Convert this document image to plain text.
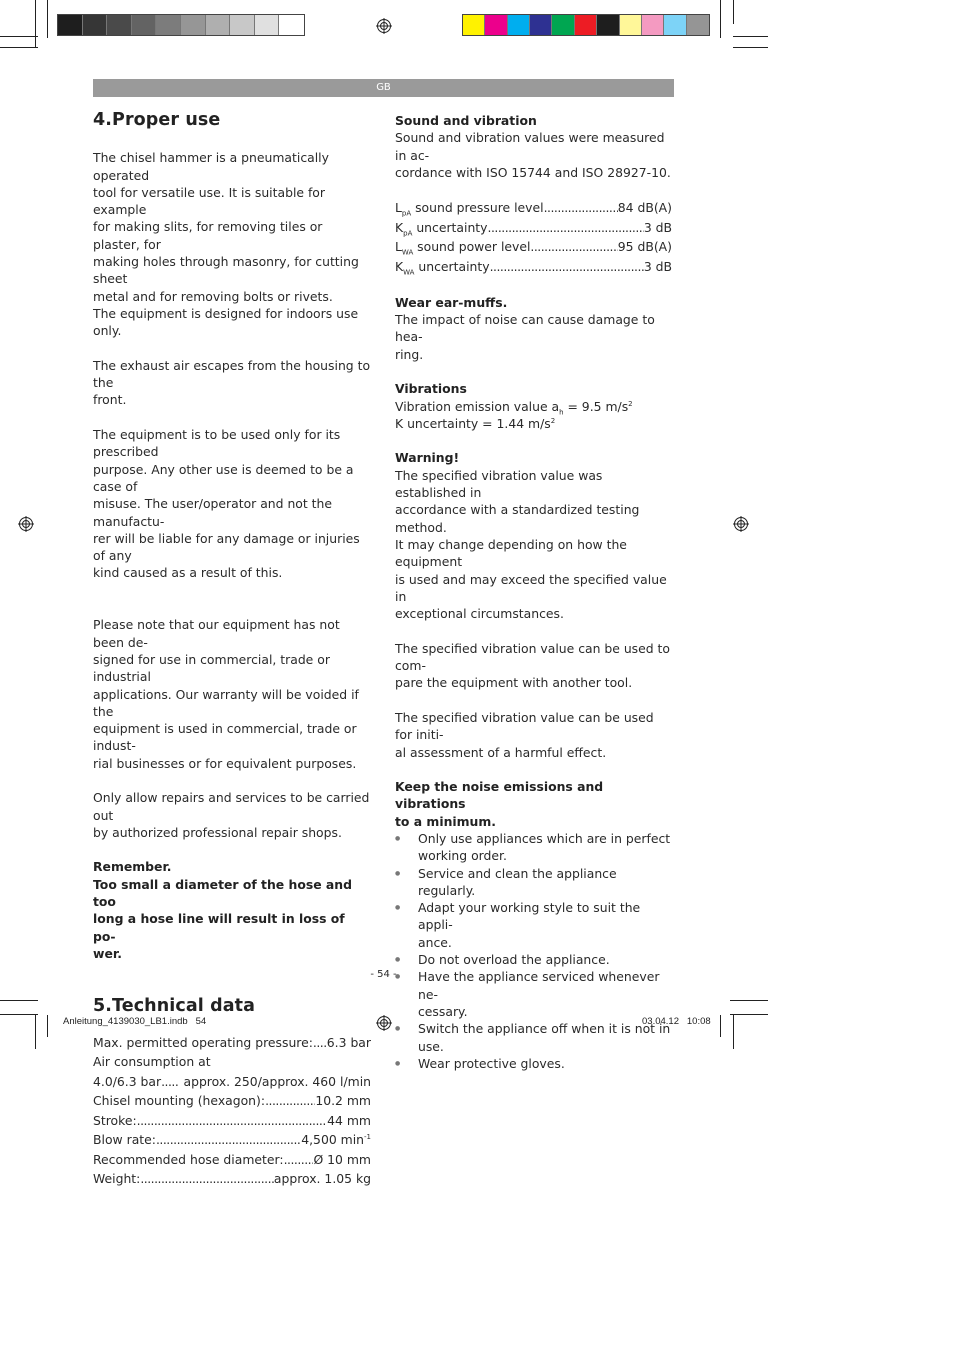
GB
4.Proper use
The chisel hammer is a pneumatically operated
tool for versatile use. It is suitable for example
for making slits, for removing tiles or plaster, for
making holes through masonry, for cutting sheet
metal and for removing bolts or rivets.
The equipment is designed for indoors use only.
The exhaust air escapes from the housing to the
front.
The equipment is to be used only for its prescribed
purpose. Any other use is deemed to be a case of
misuse. The user/operator and not the manufactu-
rer will be liable for any damage or injuries of any
kind caused as a result of this.
Please note that our equipment has not been de-
signed for use in commercial, trade or industrial
applications. Our warranty will be voided if the
equipment is used in commercial, trade or indust-
rial businesses or for equivalent purposes.
Only allow repairs and services to be carried out
by authorized professional repair shops.
Remember.
Too small a diameter of the hose and too
long a hose line will result in loss of po-
wer.
5.Technical data
Max. permitted operating pressure: ..... 6.3 bar
Air consumption at
4.0/6.3 bar ..... approx. 250/approx. 460 l/min
Chisel mounting (hexagon): .....	10.2 mm
Stroke: .....	44 mm
Blow rate: .....	4,500 $\min^{-1}$
Recommended hose diameter: ..... Ø 10 mm
Weight: .....	approx. 1.05 kg
Sound and vibration
Sound and vibration values were measured in ac-
cordance with ISO 15744 and ISO 28927-10.
$L_{pA}$ sound pressure level .....	84 dB(A)
$K_{pA}$ uncertainty .....	3 dB
$L_{WA}$ sound power level .....	95 dB(A)
$K_{WA}$ uncertainty .....	3 dB
Wear ear-muffs.
The impact of noise can cause damage to hea-
ring.
Vibrations
Vibration emission value $a_h = 9.5$ $m/s^2$
K uncertainty = 1.44 $m/s^2$
Warning!
The specified vibration value was established in
accordance with a standardized testing method.
It may change depending on how the equipment
is used and may exceed the specified value in
exceptional circumstances.
The specified vibration value can be used to com-
pare the equipment with another tool.
The specified vibration value can be used for initi-
al assessment of a harmful effect.
Keep the noise emissions and vibrations
to a minimum.
● Only use appliances which are in perfect
working order.
● Service and clean the appliance regularly.
● Adapt your working style to suit the appli-
ance.
● Do not overload the appliance.
● Have the appliance serviced whenever ne-
cessary.
● Switch the appliance off when it is not in use.
● Wear protective gloves.
- 54 -
Anleitung_4139030_LB1.indb   54	03.04.12   10:08
